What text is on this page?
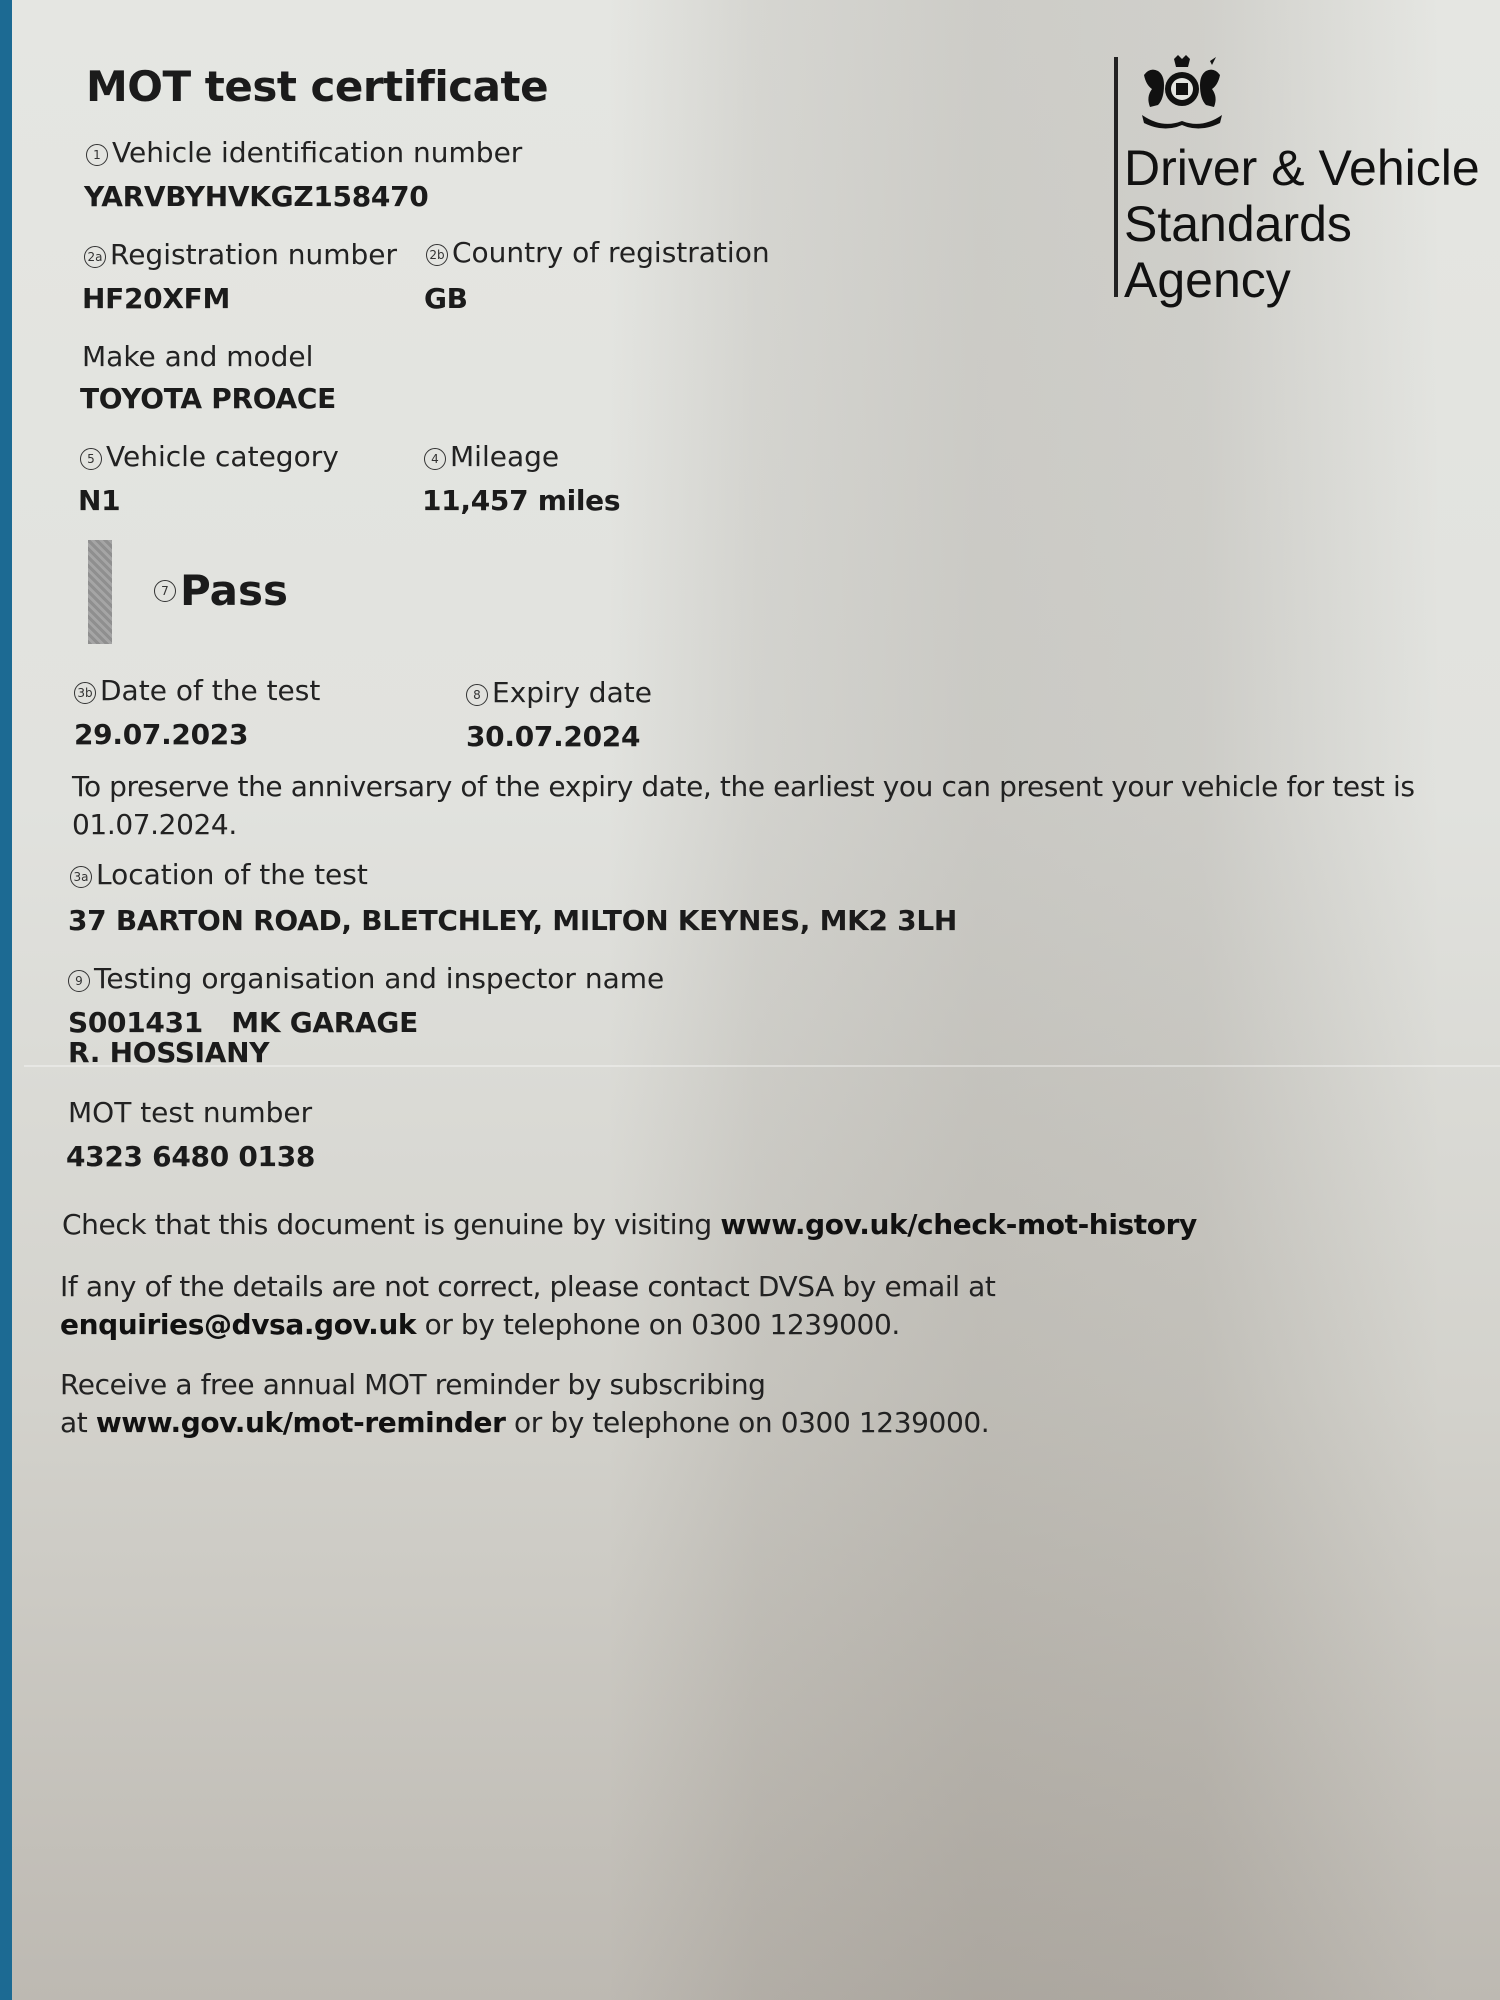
MOT test certificate
Driver & Vehicle
Standards
Agency
1 Vehicle identification number
YARVBYHVKGZ158470
2a Registration number
HF20XFM
2b Country of registration
GB
Make and model
TOYOTA PROACE
5 Vehicle category
N1
4 Mileage
11,457 miles
7 Pass
3b Date of the test
29.07.2023
8 Expiry date
30.07.2024
To preserve the anniversary of the expiry date, the earliest you can present your vehicle for test is
01.07.2024.
3a Location of the test
37 BARTON ROAD, BLETCHLEY, MILTON KEYNES, MK2 3LH
9 Testing organisation and inspector name
S001431   MK GARAGE
R. HOSSIANY
MOT test number
4323 6480 0138
Check that this document is genuine by visiting www.gov.uk/check-mot-history
If any of the details are not correct, please contact DVSA by email at
enquiries@dvsa.gov.uk or by telephone on 0300 1239000.
Receive a free annual MOT reminder by subscribing
at www.gov.uk/mot-reminder or by telephone on 0300 1239000.
